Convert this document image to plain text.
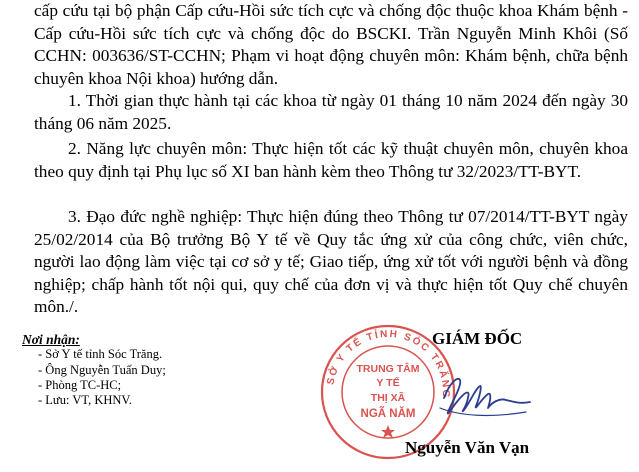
cấp cứu tại bộ phận Cấp cứu-Hồi sức tích cực và chống độc thuộc khoa Khám bệnh - Cấp cứu-Hồi sức tích cực và chống độc do BSCKI. Trần Nguyễn Minh Khôi (Số CCHN: 003636/ST-CCHN; Phạm vi hoạt động chuyên môn: Khám bệnh, chữa bệnh chuyên khoa Nội khoa) hướng dẫn.

1. Thời gian thực hành tại các khoa từ ngày 01 tháng 10 năm 2024 đến ngày 30 tháng 06 năm 2025.

2. Năng lực chuyên môn: Thực hiện tốt các kỹ thuật chuyên môn, chuyên khoa theo quy định tại Phụ lục số XI ban hành kèm theo Thông tư 32/2023/TT-BYT.

3. Đạo đức nghề nghiệp: Thực hiện đúng theo Thông tư 07/2014/TT-BYT ngày 25/02/2014 của Bộ trưởng Bộ Y tế về Quy tắc ứng xử của công chức, viên chức, người lao động làm việc tại cơ sở y tế; Giao tiếp, ứng xử tốt với người bệnh và đồng nghiệp; chấp hành tốt nội qui, quy chế của đơn vị và thực hiện tốt Quy chế chuyên môn./.

Nơi nhận:
- Sở Y tế tỉnh Sóc Trăng.
- Ông Nguyễn Tuấn Duy;
- Phòng TC-HC;
- Lưu: VT, KHNV.
SỞ Y TẾ TỈNH SÓC TRĂNG
TRUNG TÂM
Y TẾ
THỊ XÃ
NGÃ NĂM
GIÁM ĐỐC
Nguyễn Văn Vạn
